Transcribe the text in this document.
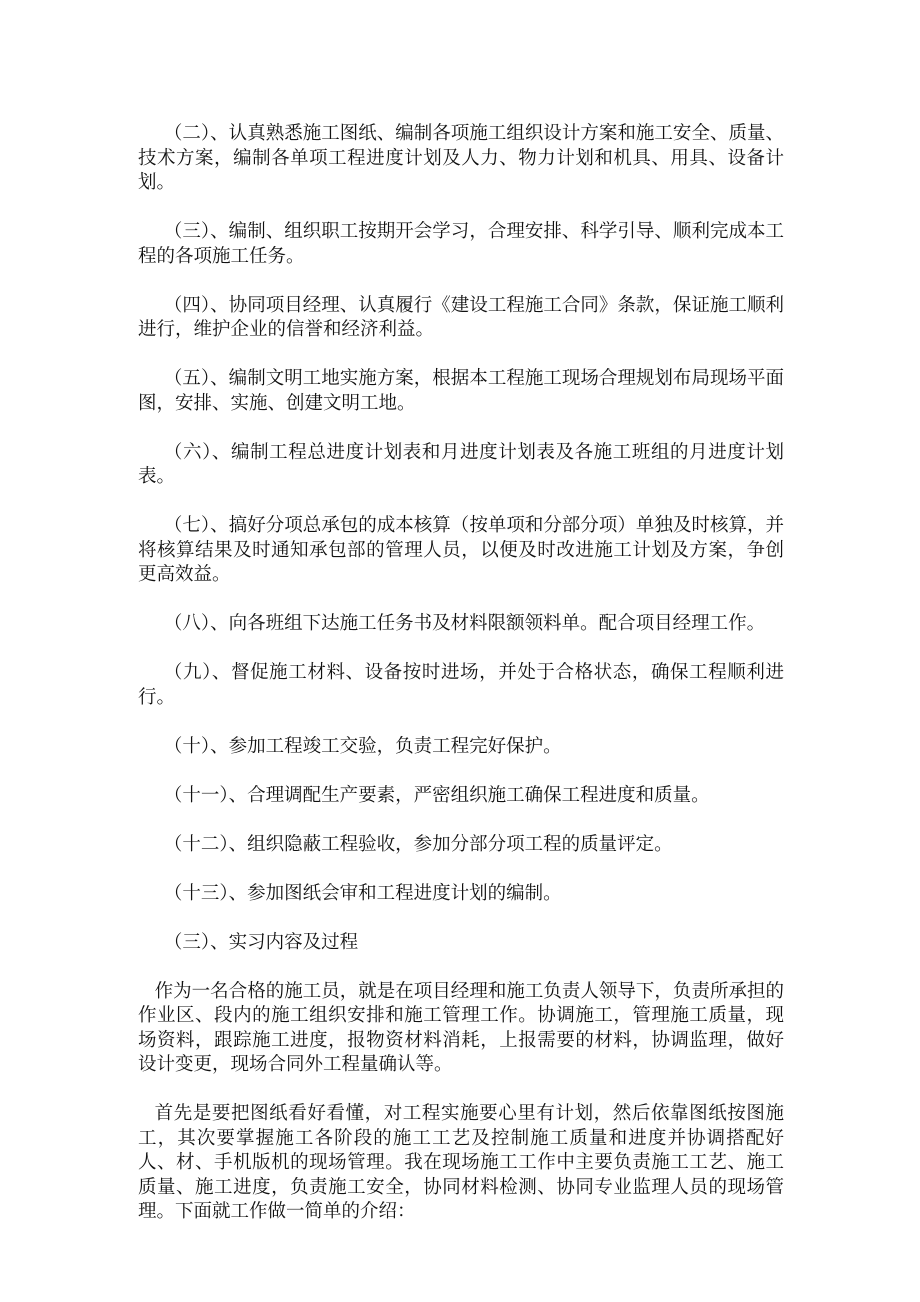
（二）、认真熟悉施工图纸、编制各项施工组织设计方案和施工安全、质量、技术方案，编制各单项工程进度计划及人力、物力计划和机具、用具、设备计划。

（三）、编制、组织职工按期开会学习，合理安排、科学引导、顺利完成本工程的各项施工任务。

（四）、协同项目经理、认真履行《建设工程施工合同》条款，保证施工顺利进行，维护企业的信誉和经济利益。

（五）、编制文明工地实施方案，根据本工程施工现场合理规划布局现场平面图，安排、实施、创建文明工地。

（六）、编制工程总进度计划表和月进度计划表及各施工班组的月进度计划表。

（七）、搞好分项总承包的成本核算（按单项和分部分项）单独及时核算，并将核算结果及时通知承包部的管理人员，以便及时改进施工计划及方案，争创更高效益。

（八）、向各班组下达施工任务书及材料限额领料单。配合项目经理工作。

（九）、督促施工材料、设备按时进场，并处于合格状态，确保工程顺利进行。

（十）、参加工程竣工交验，负责工程完好保护。

（十一）、合理调配生产要素，严密组织施工确保工程进度和质量。

（十二）、组织隐蔽工程验收，参加分部分项工程的质量评定。

（十三）、参加图纸会审和工程进度计划的编制。

（三）、实习内容及过程

作为一名合格的施工员，就是在项目经理和施工负责人领导下，负责所承担的作业区、段内的施工组织安排和施工管理工作。协调施工，管理施工质量，现场资料，跟踪施工进度，报物资材料消耗，上报需要的材料，协调监理，做好设计变更，现场合同外工程量确认等。

首先是要把图纸看好看懂，对工程实施要心里有计划，然后依靠图纸按图施工，其次要掌握施工各阶段的施工工艺及控制施工质量和进度并协调搭配好人、材、手机版机的现场管理。我在现场施工工作中主要负责施工工艺、施工质量、施工进度，负责施工安全，协同材料检测、协同专业监理人员的现场管理。下面就工作做一简单的介绍：
